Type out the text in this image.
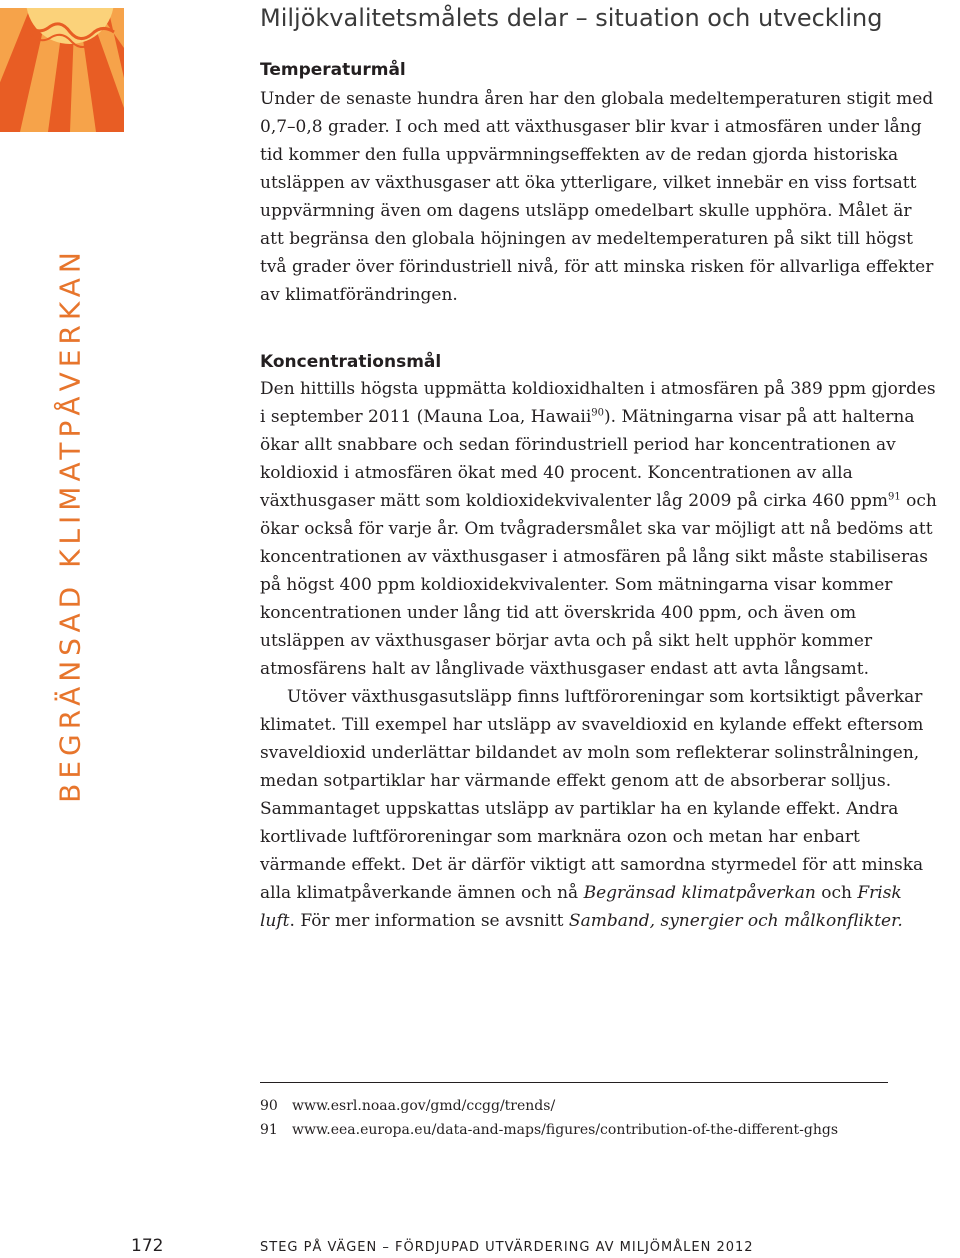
BEGRÄNSAD KLIMATPÅVERKAN
Miljökvalitetsmålets delar – situation och utveckling
Temperaturmål

Under de senaste hundra åren har den globala medeltemperaturen stigit med 0,7–0,8 grader. I och med att växthusgaser blir kvar i atmosfären under lång tid kommer den fulla uppvärmningseffekten av de redan gjorda historiska utsläppen av växthusgaser att öka ytterligare, vilket innebär en viss fortsatt uppvärmning även om dagens utsläpp omedelbart skulle upphöra. Målet är att begränsa den globala höjningen av medeltemperaturen på sikt till högst två grader över förindustriell nivå, för att minska risken för allvarliga effekter av klimatförändringen.

Koncentrationsmål

Den hittills högsta uppmätta koldioxidhalten i atmosfären på 389 ppm gjordes i september 2011 (Mauna Loa, Hawaii$^{90}$). Mätningarna visar på att halterna ökar allt snabbare och sedan förindustriell period har koncentrationen av koldioxid i atmosfären ökat med 40 procent. Koncentrationen av alla växthusgaser mätt som koldioxidekvivalenter låg 2009 på cirka 460 ppm$^{91}$ och ökar också för varje år. Om tvågradersmålet ska var möjligt att nå bedöms att koncentrationen av växthusgaser i atmosfären på lång sikt måste stabiliseras på högst 400 ppm koldioxidekvivalenter. Som mätningarna visar kommer koncentrationen under lång tid att överskrida 400 ppm, och även om utsläppen av växthusgaser börjar avta och på sikt helt upphör kommer atmosfärens halt av långlivade växthusgaser endast att avta långsamt.

Utöver växthusgasutsläpp finns luftföroreningar som kortsiktigt påverkar klimatet. Till exempel har utsläpp av svaveldioxid en kylande effekt eftersom svaveldioxid underlättar bildandet av moln som reflekterar solinstrålningen, medan sotpartiklar har värmande effekt genom att de absorberar solljus. Sammantaget uppskattas utsläpp av partiklar ha en kylande effekt. Andra kortlivade luftföroreningar som marknära ozon och metan har enbart värmande effekt. Det är därför viktigt att samordna styrmedel för att minska alla klimatpåverkande ämnen och nå Begränsad klimatpåverkan och Frisk luft. För mer information se avsnitt Samband, synergier och målkonflikter.

90 www.esrl.noaa.gov/gmd/ccgg/trends/
91 www.eea.europa.eu/data-and-maps/figures/contribution-of-the-different-ghgs
172	STEG PÅ VÄGEN – FÖRDJUPAD UTVÄRDERING AV MILJÖMÅLEN 2012
